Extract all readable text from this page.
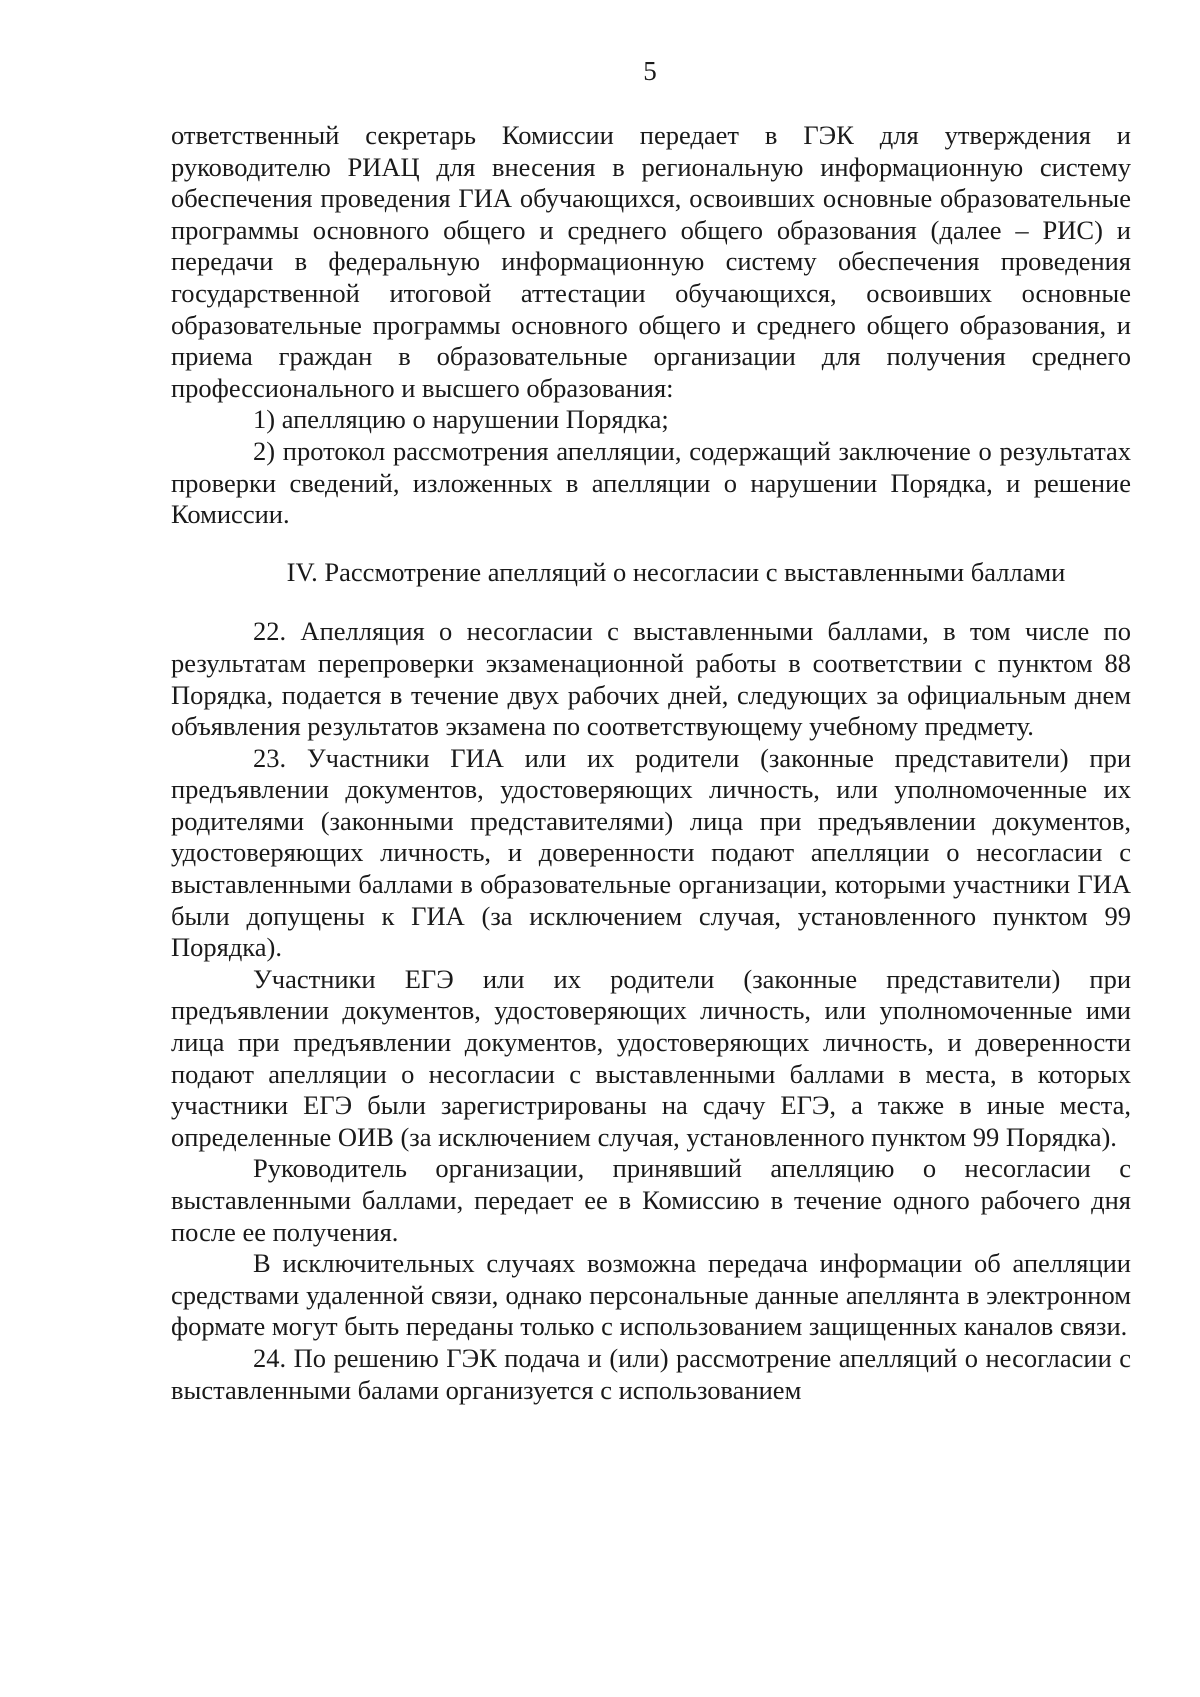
5

ответственный секретарь Комиссии передает в ГЭК для утверждения и руководителю РИАЦ для внесения в региональную информационную систему обеспечения проведения ГИА обучающихся, освоивших основные образовательные программы основного общего и среднего общего образования (далее – РИС) и передачи в федеральную информационную систему обеспечения проведения государственной итоговой аттестации обучающихся, освоивших основные образовательные программы основного общего и среднего общего образования, и приема граждан в образовательные организации для получения среднего профессионального и высшего образования:

1) апелляцию о нарушении Порядка;

2) протокол рассмотрения апелляции, содержащий заключение о результатах проверки сведений, изложенных в апелляции о нарушении Порядка, и решение Комиссии.

IV. Рассмотрение апелляций о несогласии с выставленными баллами

22. Апелляция о несогласии с выставленными баллами, в том числе по результатам перепроверки экзаменационной работы в соответствии с пунктом 88 Порядка, подается в течение двух рабочих дней, следующих за официальным днем объявления результатов экзамена по соответствующему учебному предмету.

23. Участники ГИА или их родители (законные представители) при предъявлении документов, удостоверяющих личность, или уполномоченные их родителями (законными представителями) лица при предъявлении документов, удостоверяющих личность, и доверенности подают апелляции о несогласии с выставленными баллами в образовательные организации, которыми участники ГИА были допущены к ГИА (за исключением случая, установленного пунктом 99 Порядка).

Участники ЕГЭ или их родители (законные представители) при предъявлении документов, удостоверяющих личность, или уполномоченные ими лица при предъявлении документов, удостоверяющих личность, и доверенности подают апелляции о несогласии с выставленными баллами в места, в которых участники ЕГЭ были зарегистрированы на сдачу ЕГЭ, а также в иные места, определенные ОИВ (за исключением случая, установленного пунктом 99 Порядка).

Руководитель организации, принявший апелляцию о несогласии с выставленными баллами, передает ее в Комиссию в течение одного рабочего дня после ее получения.

В исключительных случаях возможна передача информации об апелляции средствами удаленной связи, однако персональные данные апеллянта в электронном формате могут быть переданы только с использованием защищенных каналов связи.

24. По решению ГЭК подача и (или) рассмотрение апелляций о несогласии с выставленными балами организуется с использованием
